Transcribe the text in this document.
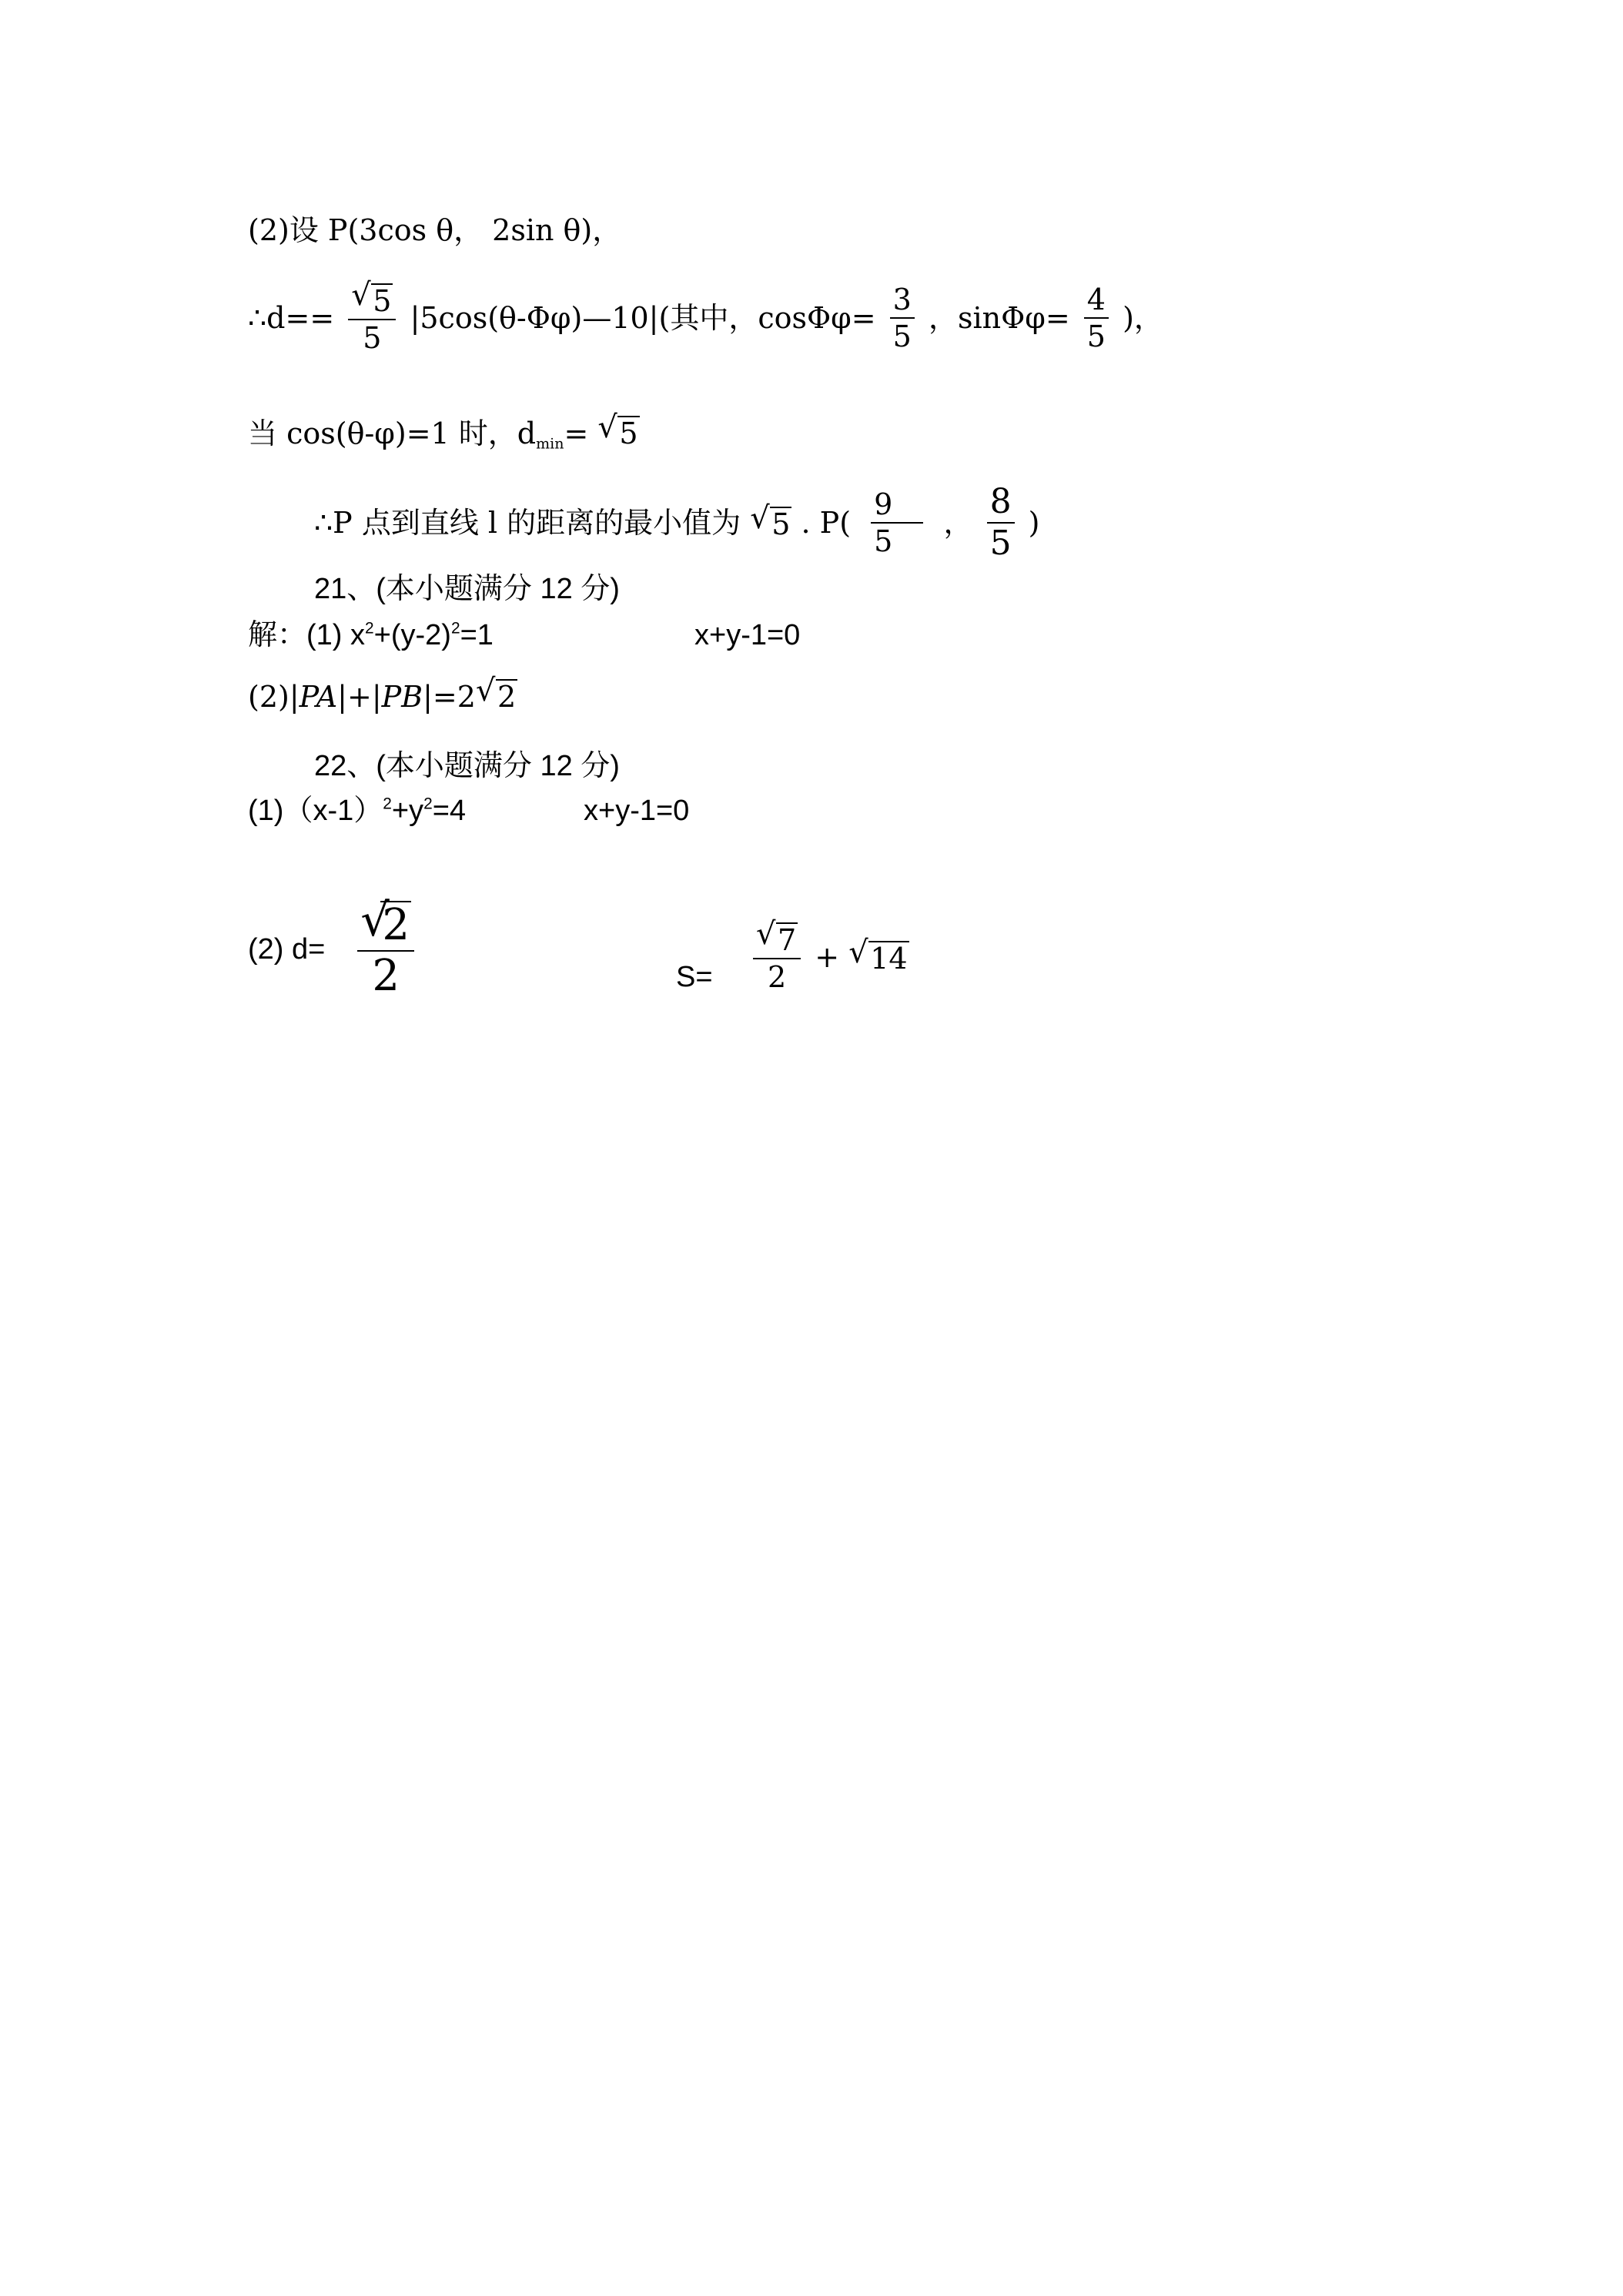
(2)设 P(3cos θ， 2sin θ)，
∴d== √ $\frac{5}{5}$ |5cos(θ-Φφ)—10|(其中，$\cos\Phi\varphi= \frac{3}{5}$ ，$\sin\Phi\varphi= \frac{4}{5}$ )，
当 cos(θ-φ)=1 时，$d_{min}=$ √ 5
∴P 点到直线 l 的距离的最小值为 √ 5 . $P( \frac{9}{5}$ ， $\frac{8}{5}$ )
21、(本小题满分 12 分)
解：(1) $x^2+(y-2)^2=1$	x+y-1=0
(2)|PA|+|PB|=2 √ 2
22、(本小题满分 12 分)
$(1)(x-1)^2+y^2=4$	x+y-1=0
(2) d= √ $\frac{2}{2}$	S= √ $\frac{7}{2}$ + √ 14
